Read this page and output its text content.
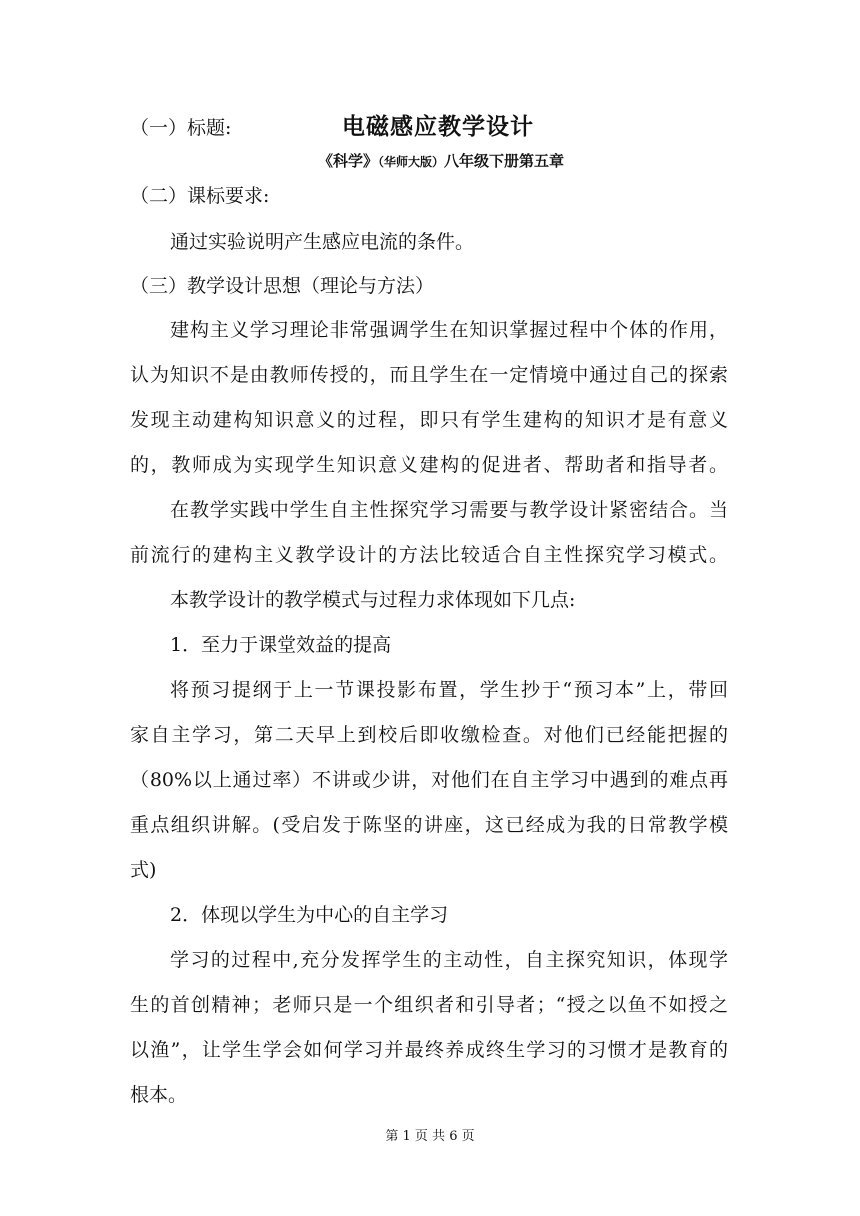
（一）标题:	电磁感应教学设计
《科学》（华师大版）八年级下册第五章
（二）课标要求:
通过实验说明产生感应电流的条件。
（三）教学设计思想（理论与方法）
建构主义学习理论非常强调学生在知识掌握过程中个体的作用，
认为知识不是由教师传授的，而且学生在一定情境中通过自己的探索
发现主动建构知识意义的过程，即只有学生建构的知识才是有意义
的，教师成为实现学生知识意义建构的促进者、帮助者和指导者。
在教学实践中学生自主性探究学习需要与教学设计紧密结合。当
前流行的建构主义教学设计的方法比较适合自主性探究学习模式。
本教学设计的教学模式与过程力求体现如下几点:
1．至力于课堂效益的提高
将预习提纲于上一节课投影布置，学生抄于“预习本”上，带回
家自主学习，第二天早上到校后即收缴检查。对他们已经能把握的
（80%以上通过率）不讲或少讲，对他们在自主学习中遇到的难点再
重点组织讲解。(受启发于陈坚的讲座，这已经成为我的日常教学模
式)
2．体现以学生为中心的自主学习
学习的过程中,充分发挥学生的主动性，自主探究知识，体现学
生的首创精神；老师只是一个组织者和引导者；“授之以鱼不如授之
以渔”，让学生学会如何学习并最终养成终生学习的习惯才是教育的
根本。
第 1 页 共 6 页
